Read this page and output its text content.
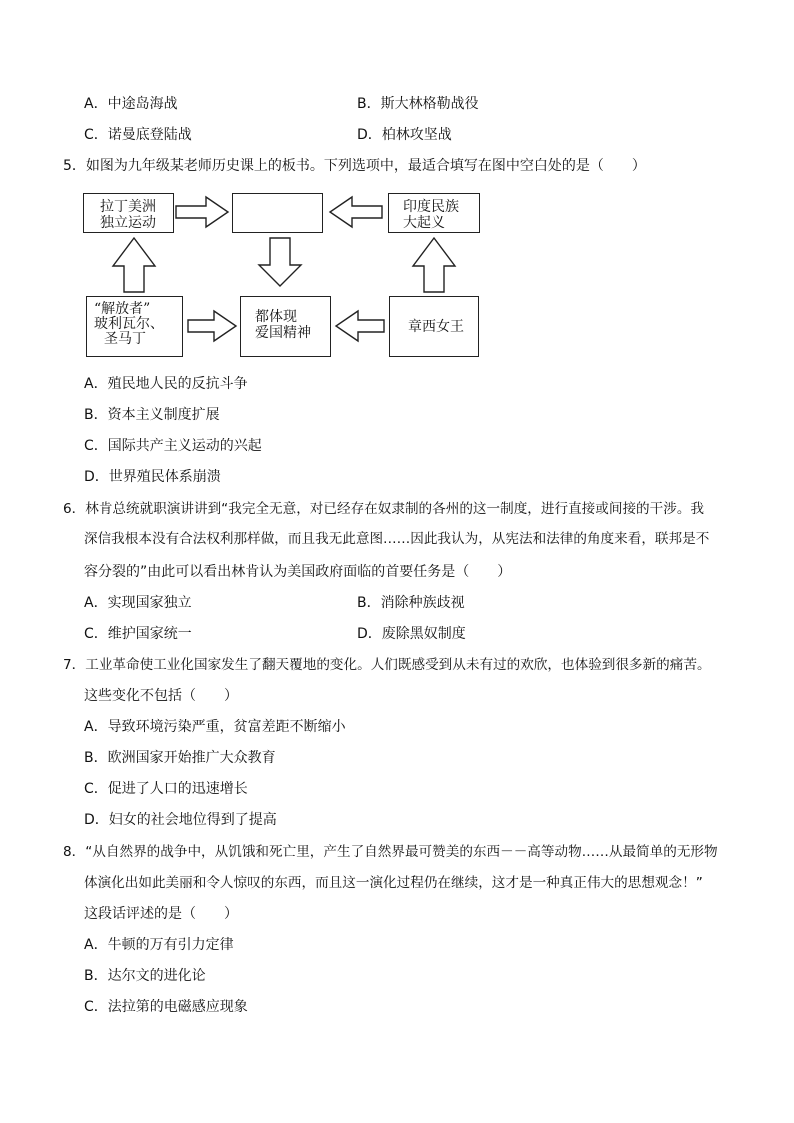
A．中途岛海战	B．斯大林格勒战役
C．诺曼底登陆战	D．柏林攻坚战
5．如图为九年级某老师历史课上的板书。下列选项中，最适合填写在图中空白处的是（　　）
拉丁美洲
独立运动
印度民族
大起义
“解放者”
玻利瓦尔、
圣马丁
都体现
爱国精神	章西女王
A．殖民地人民的反抗斗争
B．资本主义制度扩展
C．国际共产主义运动的兴起
D．世界殖民体系崩溃
6．林肯总统就职演讲讲到“我完全无意，对已经存在奴隶制的各州的这一制度，进行直接或间接的干涉。我
深信我根本没有合法权利那样做，而且我无此意图……因此我认为，从宪法和法律的角度来看，联邦是不
容分裂的”由此可以看出林肯认为美国政府面临的首要任务是（　　）
A．实现国家独立	B．消除种族歧视
C．维护国家统一	D．废除黑奴制度
7．工业革命使工业化国家发生了翻天覆地的变化。人们既感受到从未有过的欢欣，也体验到很多新的痛苦。
这些变化不包括（　　）
A．导致环境污染严重，贫富差距不断缩小
B．欧洲国家开始推广大众教育
C．促进了人口的迅速增长
D．妇女的社会地位得到了提高
8．“从自然界的战争中，从饥饿和死亡里，产生了自然界最可赞美的东西－－高等动物……从最简单的无形物
体演化出如此美丽和令人惊叹的东西，而且这一演化过程仍在继续，这才是一种真正伟大的思想观念！”
这段话评述的是（　　）
A．牛顿的万有引力定律
B．达尔文的进化论
C．法拉第的电磁感应现象
